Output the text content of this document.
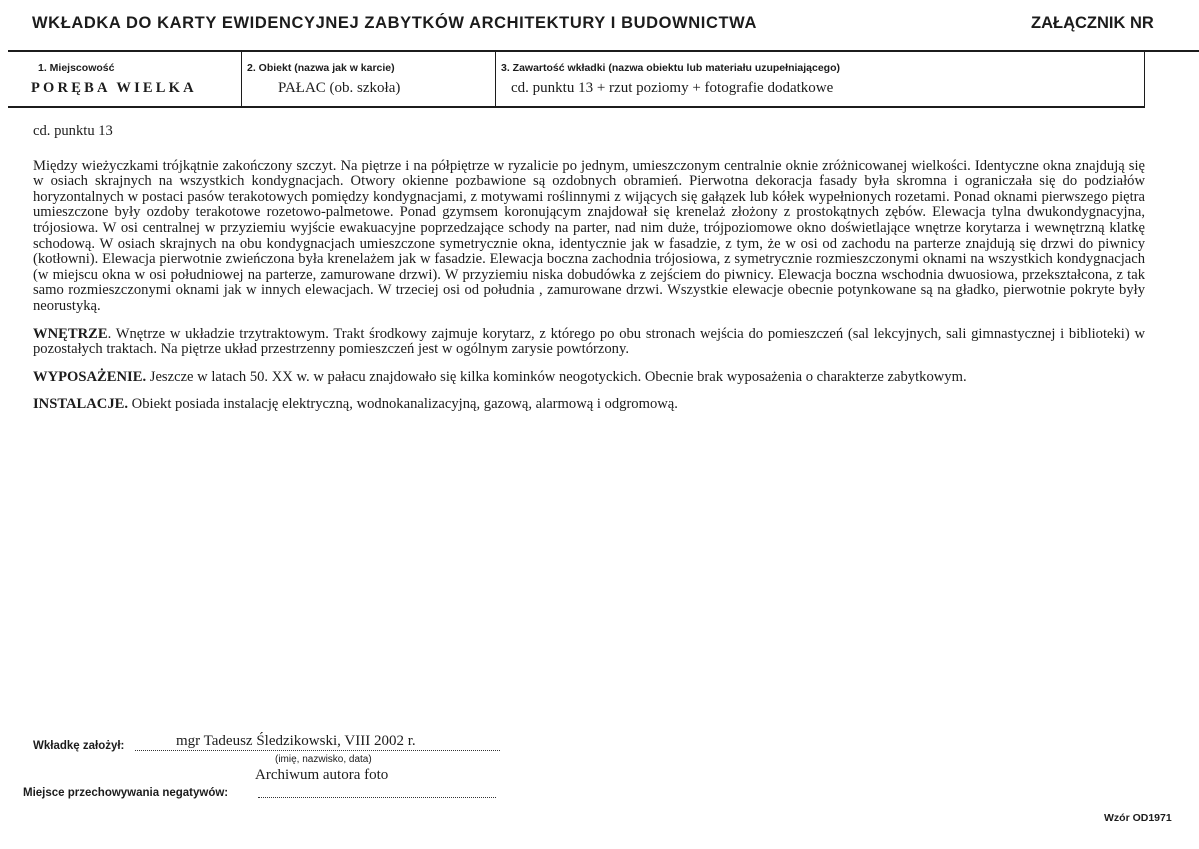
WKŁADKA DO KARTY EWIDENCYJNEJ ZABYTKÓW ARCHITEKTURY I BUDOWNICTWA	ZAŁĄCZNIK NR
1. Miejscowość
PORĘBA WIELKA
2. Obiekt (nazwa jak w karcie)
PAŁAC (ob. szkoła)
3. Zawartość wkładki (nazwa obiektu lub materiału uzupełniającego)
cd. punktu 13 + rzut poziomy + fotografie dodatkowe

cd. punktu 13

Między wieżyczkami trójkątnie zakończony szczyt. Na piętrze i na półpiętrze w ryzalicie po jednym, umieszczonym centralnie oknie zróżnicowanej wielkości. Identyczne okna znajdują się w osiach skrajnych na wszystkich kondygnacjach. Otwory okienne pozbawione są ozdobnych obramień. Pierwotna dekoracja fasady była skromna i ograniczała się do podziałów horyzontalnych w postaci pasów terakotowych pomiędzy kondygnacjami, z motywami roślinnymi z wijących się gałązek lub kółek wypełnionych rozetami. Ponad oknami pierwszego piętra umieszczone były ozdoby terakotowe rozetowo-palmetowe. Ponad gzymsem koronującym znajdował się krenelaż złożony z prostokątnych zębów. Elewacja tylna dwukondygnacyjna, trójosiowa. W osi centralnej w przyziemiu wyjście ewakuacyjne poprzedzające schody na parter, nad nim duże, trójpoziomowe okno doświetlające wnętrze korytarza i wewnętrzną klatkę schodową. W osiach skrajnych na obu kondygnacjach umieszczone symetrycznie okna, identycznie jak w fasadzie, z tym, że w osi od zachodu na parterze znajdują się drzwi do piwnicy (kotłowni). Elewacja pierwotnie zwieńczona była krenelażem jak w fasadzie. Elewacja boczna zachodnia trójosiowa, z symetrycznie rozmieszczonymi oknami na wszystkich kondygnacjach (w miejscu okna w osi południowej na parterze, zamurowane drzwi). W przyziemiu niska dobudówka z zejściem do piwnicy. Elewacja boczna wschodnia dwuosiowa, przekształcona, z tak samo rozmieszczonymi oknami jak w innych elewacjach. W trzeciej osi od południa , zamurowane drzwi. Wszystkie elewacje obecnie potynkowane są na gładko, pierwotnie pokryte były neorustyką.

WNĘTRZE. Wnętrze w układzie trzytraktowym. Trakt środkowy zajmuje korytarz, z którego po obu stronach wejścia do pomieszczeń (sal lekcyjnych, sali gimnastycznej i biblioteki) w pozostałych traktach. Na piętrze układ przestrzenny pomieszczeń jest w ogólnym zarysie powtórzony.

WYPOSAŻENIE. Jeszcze w latach 50. XX w. w pałacu znajdowało się kilka kominków neogotyckich. Obecnie brak wyposażenia o charakterze zabytkowym.

INSTALACJE. Obiekt posiada instalację elektryczną, wodnokanalizacyjną, gazową, alarmową i odgromową.

Wkładkę założył:	mgr Tadeusz Śledzikowski, VIII 2002 r.
(imię, nazwisko, data)
Archiwum autora foto
Miejsce przechowywania negatywów:
Wzór OD1971
